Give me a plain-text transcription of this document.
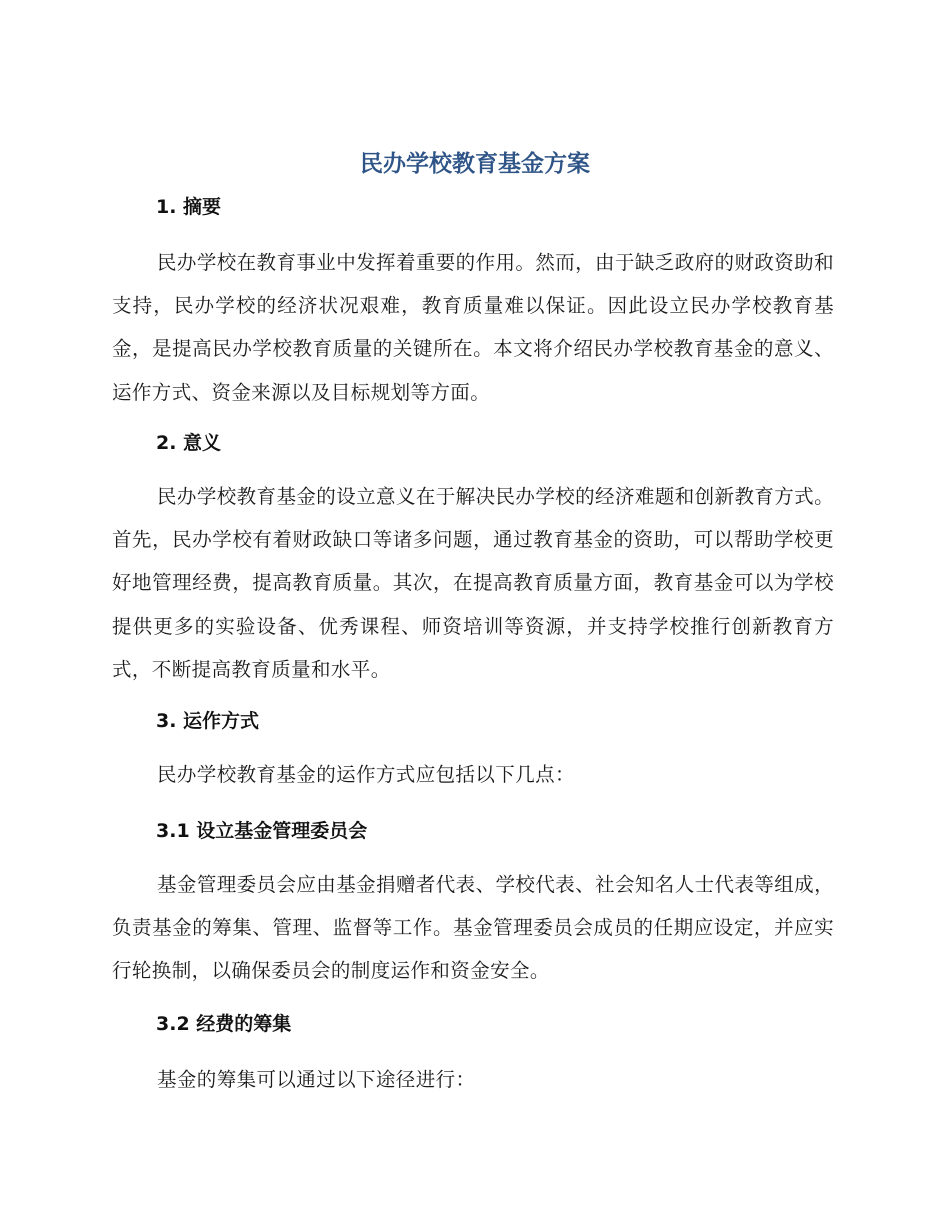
民办学校教育基金方案
1. 摘要

民办学校在教育事业中发挥着重要的作用。然而，由于缺乏政府的财政资助和支持，民办学校的经济状况艰难，教育质量难以保证。因此设立民办学校教育基金，是提高民办学校教育质量的关键所在。本文将介绍民办学校教育基金的意义、运作方式、资金来源以及目标规划等方面。

2. 意义

民办学校教育基金的设立意义在于解决民办学校的经济难题和创新教育方式。首先，民办学校有着财政缺口等诸多问题，通过教育基金的资助，可以帮助学校更好地管理经费，提高教育质量。其次，在提高教育质量方面，教育基金可以为学校提供更多的实验设备、优秀课程、师资培训等资源，并支持学校推行创新教育方式，不断提高教育质量和水平。

3. 运作方式

民办学校教育基金的运作方式应包括以下几点：

3.1 设立基金管理委员会

基金管理委员会应由基金捐赠者代表、学校代表、社会知名人士代表等组成，负责基金的筹集、管理、监督等工作。基金管理委员会成员的任期应设定，并应实行轮换制，以确保委员会的制度运作和资金安全。

3.2 经费的筹集

基金的筹集可以通过以下途径进行：
